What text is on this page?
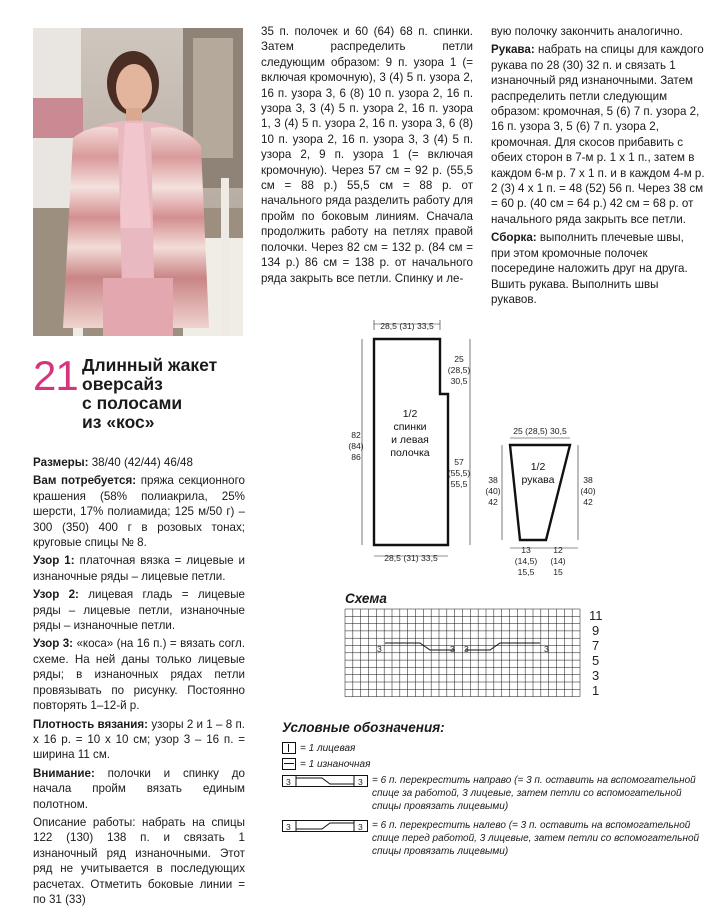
21 Длинный жакет
оверсайз
с полосами
из «кос»

Размеры: 38/40 (42/44) 46/48

Вам потребуется: пряжа секционного крашения (58% полиакрила, 25% шерсти, 17% полиамида; 125 м/50 г) – 300 (350) 400 г в розовых тонах; круговые спицы № 8.

Узор 1: платочная вязка = лицевые и изнаночные ряды – лицевые петли.

Узор 2: лицевая гладь = лицевые ряды – лицевые петли, изнаночные ряды – изнаночные петли.

Узор 3: «коса» (на 16 п.) = вязать согл. схеме. На ней даны только лицевые ряды; в изнаночных рядах петли провязывать по рисунку. Постоянно повторять 1–12-й р.

Плотность вязания: узоры 2 и 1 – 8 п. х 16 р. = 10 х 10 см; узор 3 – 16 п. = ширина 11 см.

Внимание: полочки и спинку до начала пройм вязать единым полотном.

Описание работы: набрать на спицы 122 (130) 138 п. и связать 1 изнаночный ряд изнаночными. Этот ряд не учитывается в последующих расчетах. Отметить боковые линии = по 31 (33)

35 п. полочек и 60 (64) 68 п. спинки. Затем распределить петли следующим образом: 9 п. узора 1 (= включая кромочную), 3 (4) 5 п. узора 2, 16 п. узора 3, 6 (8) 10 п. узора 2, 16 п. узора 3, 3 (4) 5 п. узора 2, 16 п. узора 1, 3 (4) 5 п. узора 2, 16 п. узора 3, 6 (8) 10 п. узора 2, 16 п. узора 3, 3 (4) 5 п. узора 2, 9 п. узора 1 (= включая кромочную). Через 57 см = 92 р. (55,5 см = 88 р.) 55,5 см = 88 р. от начального ряда разделить работу для пройм по боковым линиям. Сначала продолжить работу на петлях правой полочки. Через 82 см = 132 р. (84 см = 134 р.) 86 см = 138 р. от начального ряда закрыть все петли. Спинку и ле-

вую полочку закончить аналогично.

Рукава: набрать на спицы для каждого рукава по 28 (30) 32 п. и связать 1 изнаночный ряд изнаночными. Затем распределить петли следующим образом: кромочная, 5 (6) 7 п. узора 2, 16 п. узора 3, 5 (6) 7 п. узора 2, кромочная. Для скосов прибавить с обеих сторон в 7-м р. 1 х 1 п., затем в каждом 6-м р. 7 х 1 п. и в каждом 4-м р. 2 (3) 4 х 1 п. = 48 (52) 56 п. Через 38 см = 60 р. (40 см = 64 р.) 42 см = 68 р. от начального ряда закрыть все петли.

Сборка: выполнить плечевые швы, при этом кромочные полочек посередине наложить друг на друга. Вшить рукава. Выполнить швы рукавов.

28,5 (31) 33,5
28,5 (31) 33,5
82
(84)
86
25
(28,5)
30,5
57
(55,5)
55,5
1/2
спинки
и левая
полочка
25 (28,5) 30,5
38
(40)
42
38
(40)
42
1/2
рукава
13
(14,5)
15,5
12
(14)
15
Схема
11
9
7
5
3
1
3	3 3	3
Условные обозначения:
= 1 лицевая
= 1 изнаночная
3	3 = 6 п. перекрестить направо (= 3 п. оставить на вспомогательной спице за работой, 3 лицевые, затем петли со вспомогательной спицы провязать лицевыми)
3	3 = 6 п. перекрестить налево (= 3 п. оставить на вспомогательной спице перед работой, 3 лицевые, затем петли со вспомогательной спицы провязать лицевыми)
